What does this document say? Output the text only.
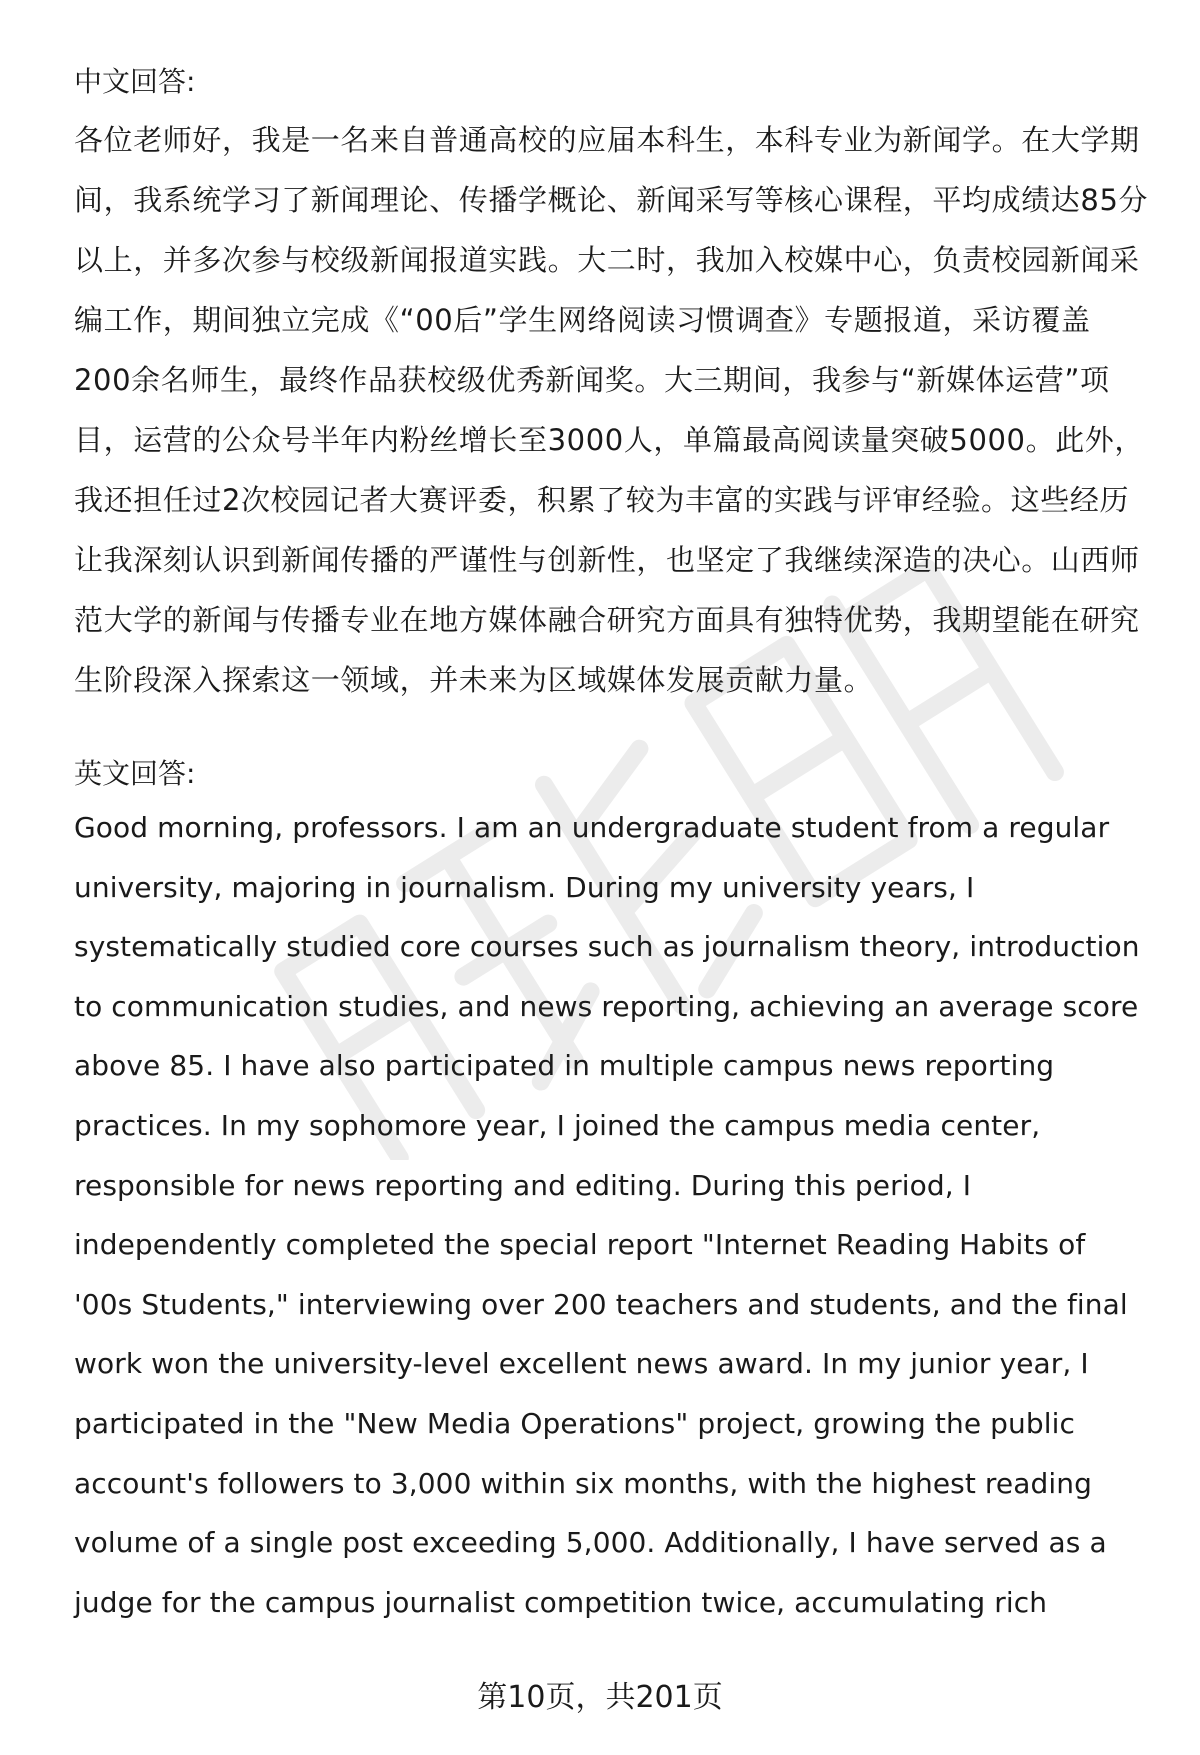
中文回答:
各位老师好，我是一名来自普通高校的应届本科生，本科专业为新闻学。在大学期
间，我系统学习了新闻理论、传播学概论、新闻采写等核心课程，平均成绩达85分
以上，并多次参与校级新闻报道实践。大二时，我加入校媒中心，负责校园新闻采
编工作，期间独立完成《“00后”学生网络阅读习惯调查》专题报道，采访覆盖
200余名师生，最终作品获校级优秀新闻奖。大三期间，我参与“新媒体运营”项
目，运营的公众号半年内粉丝增长至3000人，单篇最高阅读量突破5000。此外，
我还担任过2次校园记者大赛评委，积累了较为丰富的实践与评审经验。这些经历
让我深刻认识到新闻传播的严谨性与创新性，也坚定了我继续深造的决心。山西师
范大学的新闻与传播专业在地方媒体融合研究方面具有独特优势，我期望能在研究
生阶段深入探索这一领域，并未来为区域媒体发展贡献力量。
英文回答:
Good morning, professors. I am an undergraduate student from a regular
university, majoring in journalism. During my university years, I
systematically studied core courses such as journalism theory, introduction
to communication studies, and news reporting, achieving an average score
above 85. I have also participated in multiple campus news reporting
practices. In my sophomore year, I joined the campus media center,
responsible for news reporting and editing. During this period, I
independently completed the special report "Internet Reading Habits of
'00s Students," interviewing over 200 teachers and students, and the final
work won the university-level excellent news award. In my junior year, I
participated in the "New Media Operations" project, growing the public
account's followers to 3,000 within six months, with the highest reading
volume of a single post exceeding 5,000. Additionally, I have served as a
judge for the campus journalist competition twice, accumulating rich
第10页，共201页
